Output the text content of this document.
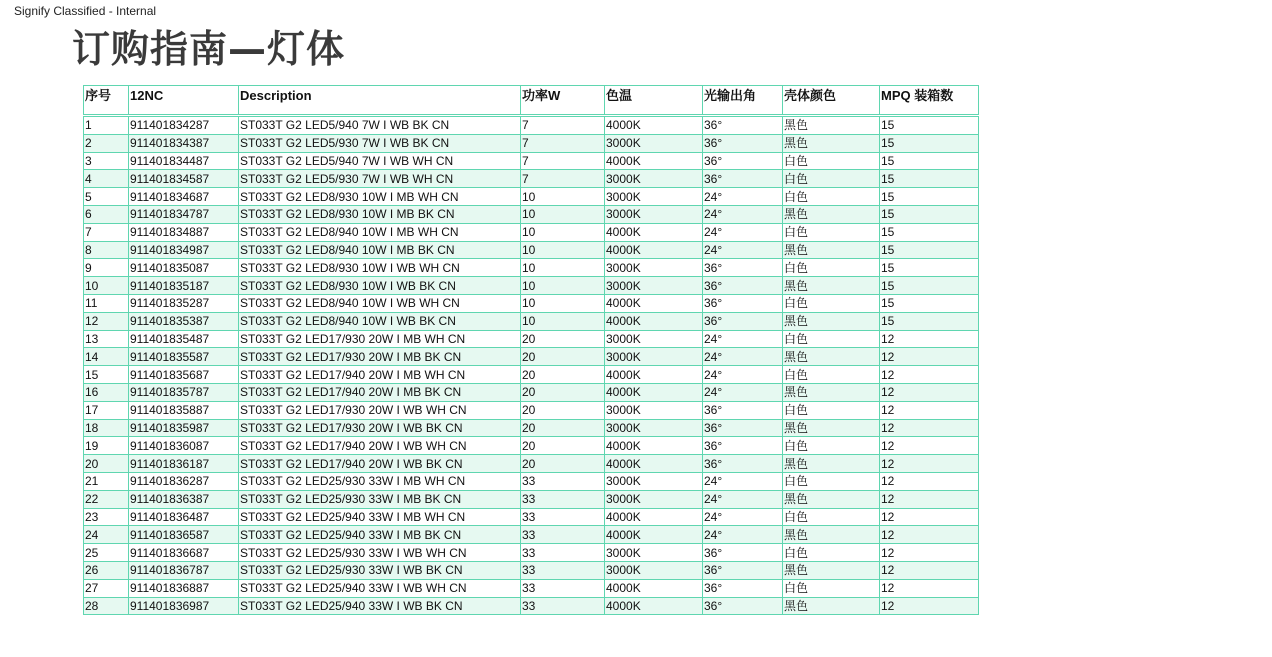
Signify Classified - Internal
订购指南—灯体
序号	12NC	Description	功率W	色温	光输出角	壳体颜色	MPQ 装箱数
1	911401834287	ST033T G2 LED5/940 7W I WB BK CN	7	4000K	36°	黑色	15
2	911401834387	ST033T G2 LED5/930 7W I WB BK CN	7	3000K	36°	黑色	15
3	911401834487	ST033T G2 LED5/940 7W I WB WH CN	7	4000K	36°	白色	15
4	911401834587	ST033T G2 LED5/930 7W I WB WH CN	7	3000K	36°	白色	15
5	911401834687	ST033T G2 LED8/930 10W I MB WH CN	10	3000K	24°	白色	15
6	911401834787	ST033T G2 LED8/930 10W I MB BK CN	10	3000K	24°	黑色	15
7	911401834887	ST033T G2 LED8/940 10W I MB WH CN	10	4000K	24°	白色	15
8	911401834987	ST033T G2 LED8/940 10W I MB BK CN	10	4000K	24°	黑色	15
9	911401835087	ST033T G2 LED8/930 10W I WB WH CN	10	3000K	36°	白色	15
10	911401835187	ST033T G2 LED8/930 10W I WB BK CN	10	3000K	36°	黑色	15
11	911401835287	ST033T G2 LED8/940 10W I WB WH CN	10	4000K	36°	白色	15
12	911401835387	ST033T G2 LED8/940 10W I WB BK CN	10	4000K	36°	黑色	15
13	911401835487	ST033T G2 LED17/930 20W I MB WH CN	20	3000K	24°	白色	12
14	911401835587	ST033T G2 LED17/930 20W I MB BK CN	20	3000K	24°	黑色	12
15	911401835687	ST033T G2 LED17/940 20W I MB WH CN	20	4000K	24°	白色	12
16	911401835787	ST033T G2 LED17/940 20W I MB BK CN	20	4000K	24°	黑色	12
17	911401835887	ST033T G2 LED17/930 20W I WB WH CN	20	3000K	36°	白色	12
18	911401835987	ST033T G2 LED17/930 20W I WB BK CN	20	3000K	36°	黑色	12
19	911401836087	ST033T G2 LED17/940 20W I WB WH CN	20	4000K	36°	白色	12
20	911401836187	ST033T G2 LED17/940 20W I WB BK CN	20	4000K	36°	黑色	12
21	911401836287	ST033T G2 LED25/930 33W I MB WH CN	33	3000K	24°	白色	12
22	911401836387	ST033T G2 LED25/930 33W I MB BK CN	33	3000K	24°	黑色	12
23	911401836487	ST033T G2 LED25/940 33W I MB WH CN	33	4000K	24°	白色	12
24	911401836587	ST033T G2 LED25/940 33W I MB BK CN	33	4000K	24°	黑色	12
25	911401836687	ST033T G2 LED25/930 33W I WB WH CN	33	3000K	36°	白色	12
26	911401836787	ST033T G2 LED25/930 33W I WB BK CN	33	3000K	36°	黑色	12
27	911401836887	ST033T G2 LED25/940 33W I WB WH CN	33	4000K	36°	白色	12
28	911401836987	ST033T G2 LED25/940 33W I WB BK CN	33	4000K	36°	黑色	12
